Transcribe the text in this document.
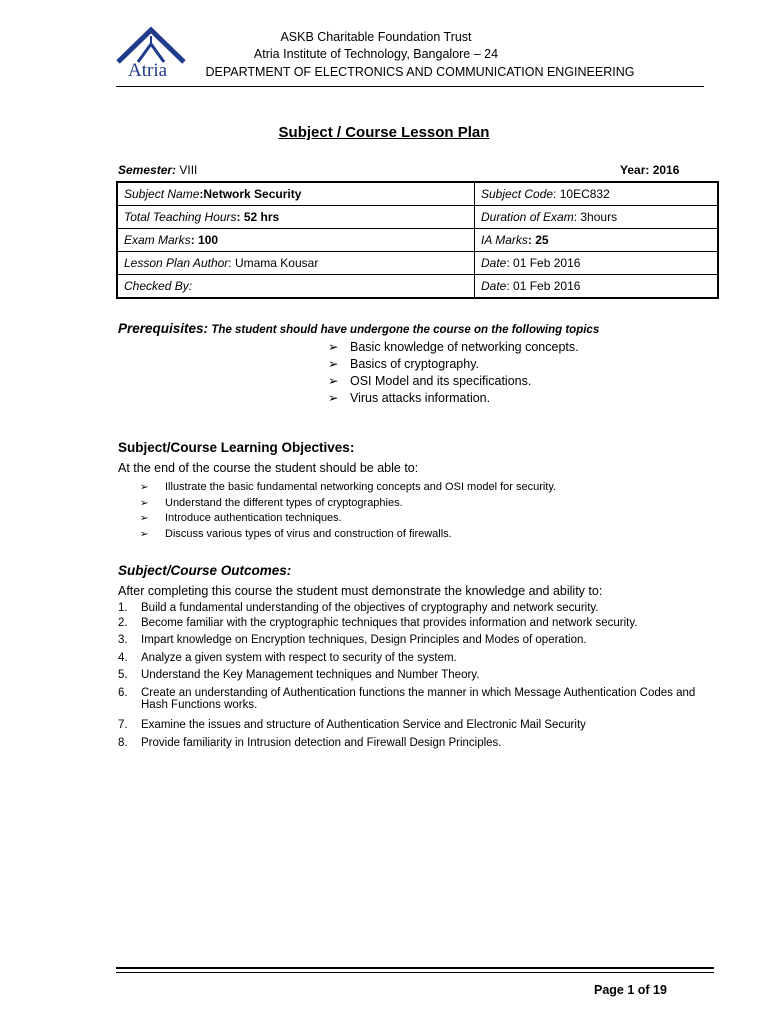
Atria
ASKB Charitable Foundation Trust
Atria Institute of Technology, Bangalore – 24
DEPARTMENT OF ELECTRONICS AND COMMUNICATION ENGINEERING
Subject / Course Lesson Plan
Semester: VIII	Year: 2016
Subject Name:Network Security	Subject Code: 10EC832
Total Teaching Hours: 52 hrs	Duration of Exam: 3hours
Exam Marks: 100	IA Marks: 25
Lesson Plan Author: Umama Kousar	Date: 01 Feb 2016
Checked By:	Date: 01 Feb 2016
Prerequisites: The student should have undergone the course on the following topics
➢ Basic knowledge of networking concepts.
➢ Basics of cryptography.
➢ OSI Model and its specifications.
➢ Virus attacks information.
Subject/Course Learning Objectives:
At the end of the course the student should be able to:
➢	Illustrate the basic fundamental networking concepts and OSI model for security.
➢	Understand the different types of cryptographies.
➢	Introduce authentication techniques.
➢	Discuss various types of virus and construction of firewalls.
Subject/Course Outcomes:
After completing this course the student must demonstrate the knowledge and ability to:
1.	Build a fundamental understanding of the objectives of cryptography and network security.
2.	Become familiar with the cryptographic techniques that provides information and network security.
3.	Impart knowledge on Encryption techniques, Design Principles and Modes of operation.
4.	Analyze a given system with respect to security of the system.
5.	Understand the Key Management techniques and Number Theory.
6.	Create an understanding of Authentication functions the manner in which Message Authentication Codes and Hash Functions works.
7.	Examine the issues and structure of Authentication Service and Electronic Mail Security
8.	Provide familiarity in Intrusion detection and Firewall Design Principles.
Page 1 of 19
